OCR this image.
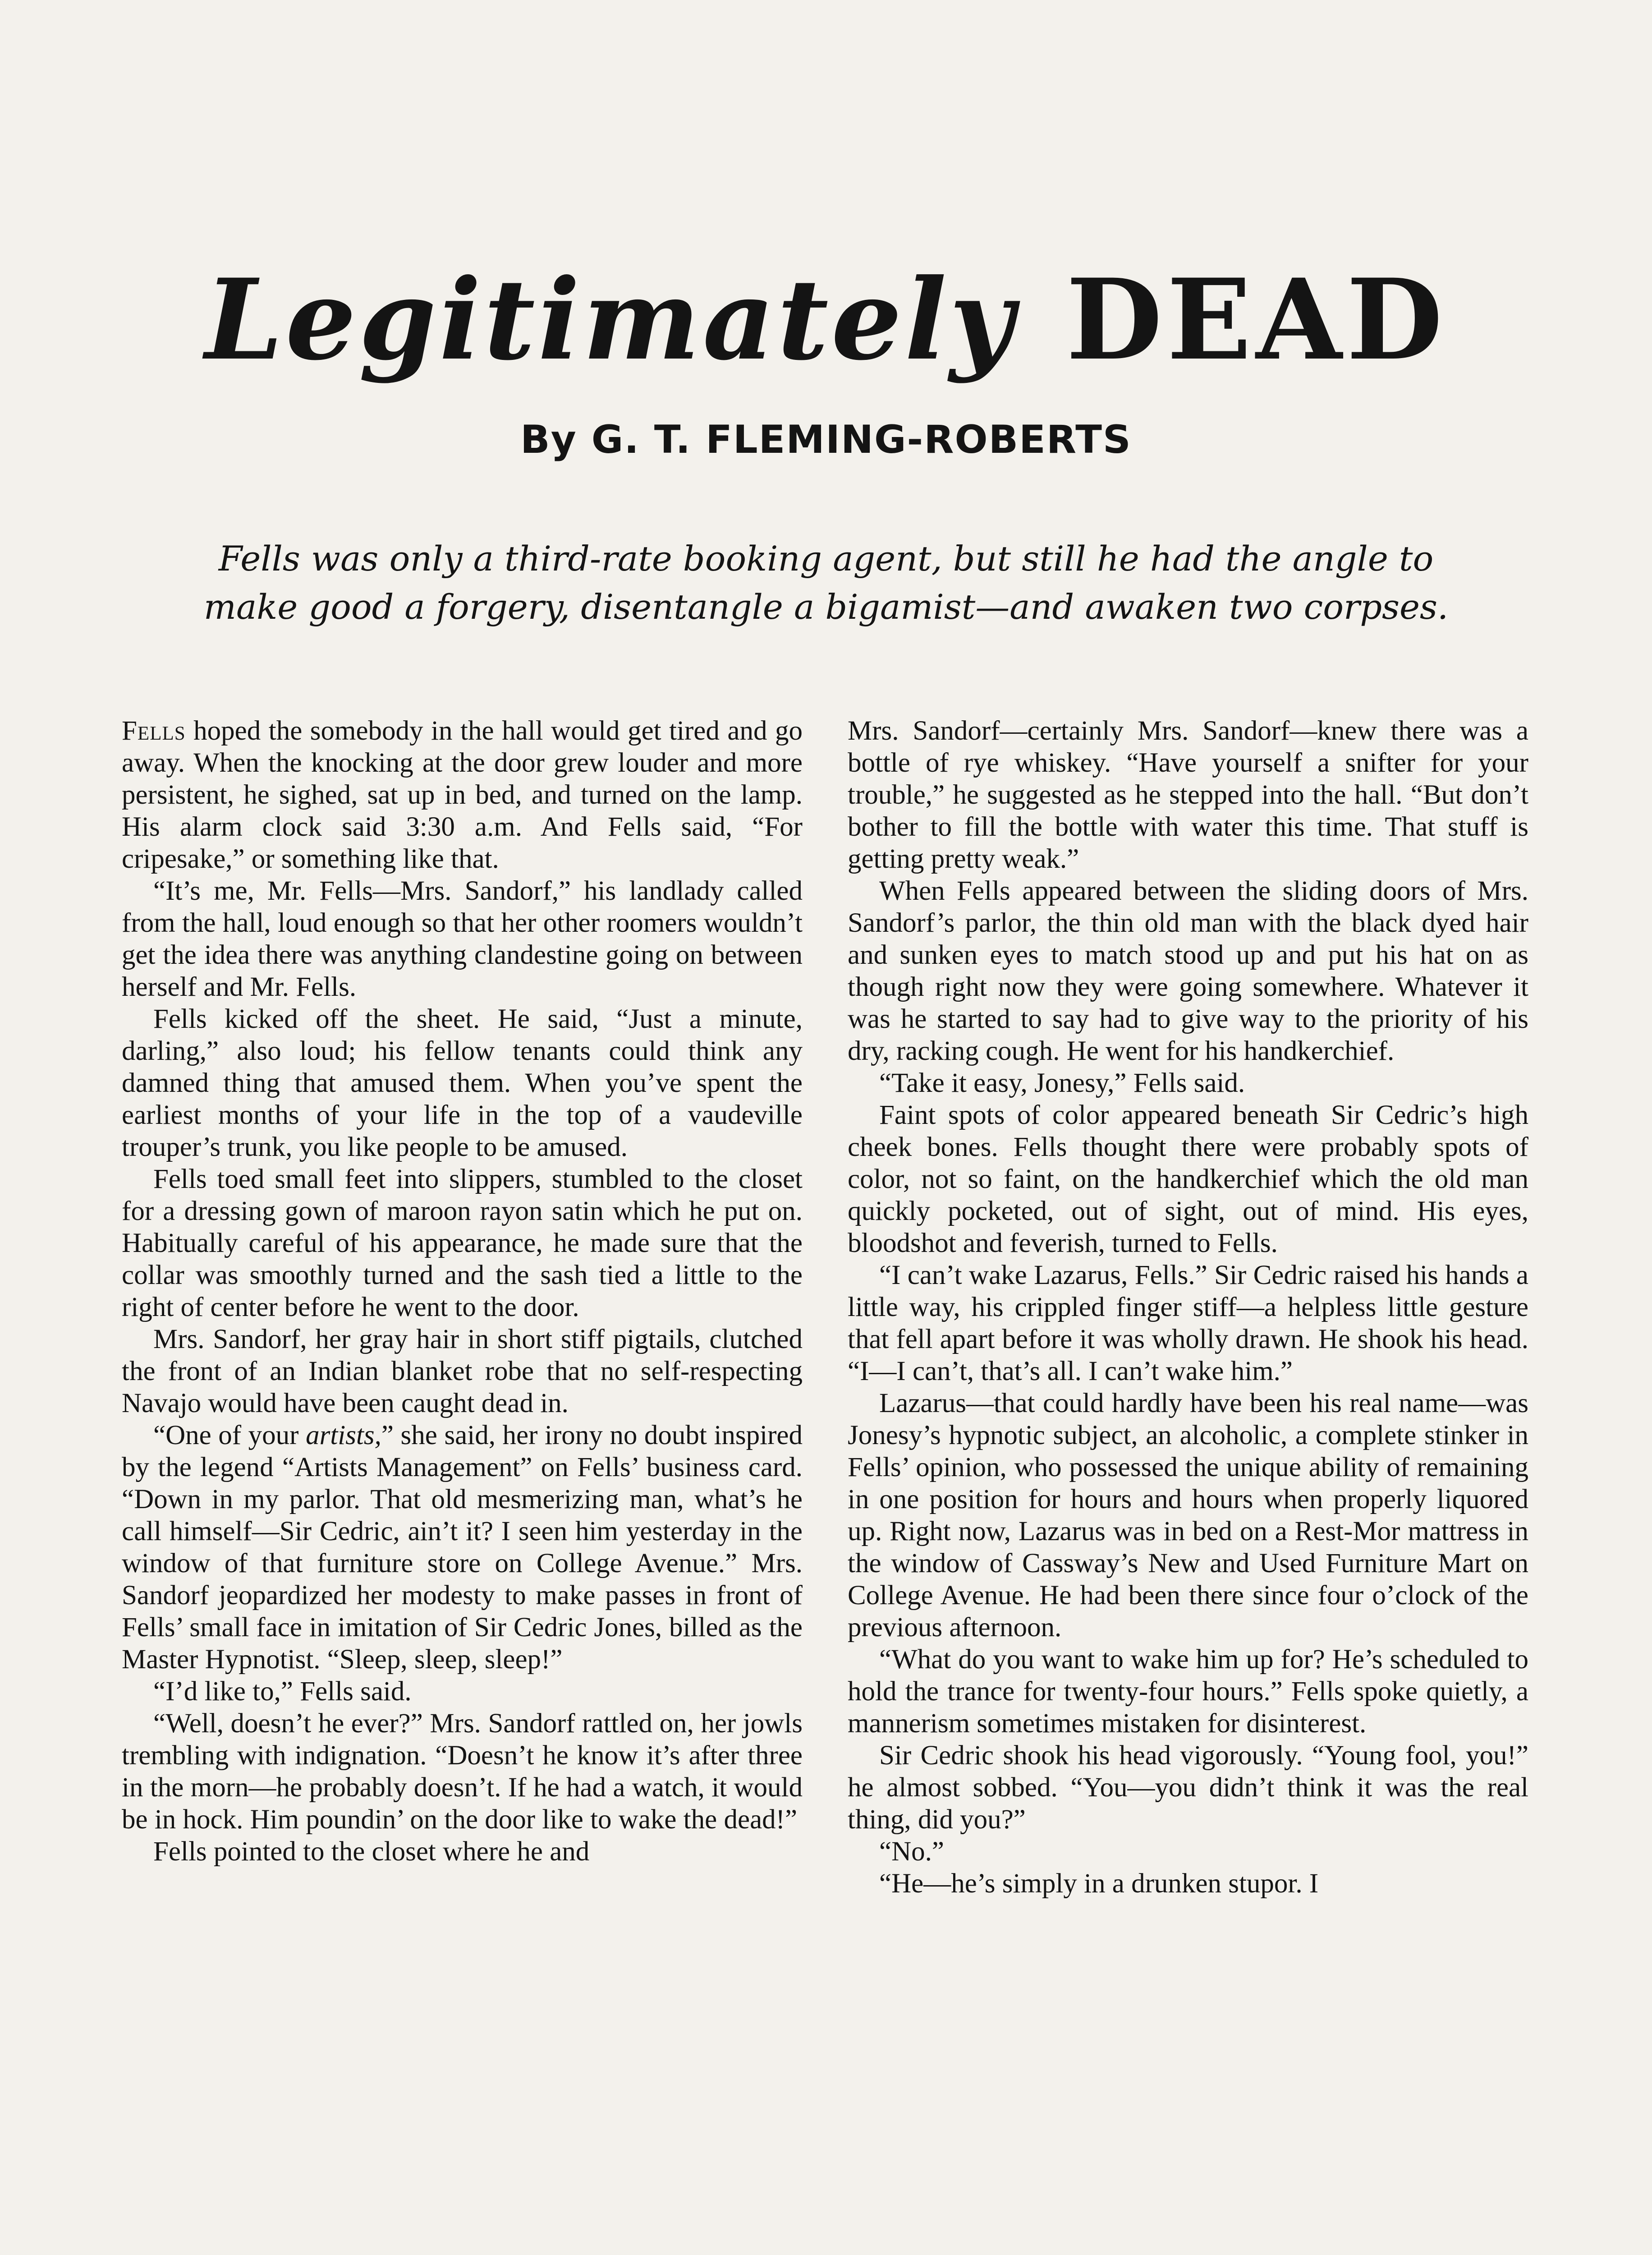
Legitimately DEAD
By G. T. FLEMING-ROBERTS
Fells was only a third-rate booking agent, but still he had the angle to make good a forgery, disentangle a bigamist—and awaken two corpses.

Fells hoped the somebody in the hall would get tired and go away. When the knocking at the door grew louder and more persistent, he sighed, sat up in bed, and turned on the lamp. His alarm clock said 3:30 a.m. And Fells said, “For cripesake,” or something like that.

“It’s me, Mr. Fells—Mrs. Sandorf,” his landlady called from the hall, loud enough so that her other roomers wouldn’t get the idea there was anything clandestine going on between herself and Mr. Fells.

Fells kicked off the sheet. He said, “Just a minute, darling,” also loud; his fellow tenants could think any damned thing that amused them. When you’ve spent the earliest months of your life in the top of a vaudeville trouper’s trunk, you like people to be amused.

Fells toed small feet into slippers, stumbled to the closet for a dressing gown of maroon rayon satin which he put on. Habitually careful of his appearance, he made sure that the collar was smoothly turned and the sash tied a little to the right of center before he went to the door.

Mrs. Sandorf, her gray hair in short stiff pigtails, clutched the front of an Indian blanket robe that no self-respecting Navajo would have been caught dead in.

“One of your artists,” she said, her irony no doubt inspired by the legend “Artists Management” on Fells’ business card. “Down in my parlor. That old mesmerizing man, what’s he call himself—Sir Cedric, ain’t it? I seen him yesterday in the window of that furniture store on College Avenue.” Mrs. Sandorf jeopardized her modesty to make passes in front of Fells’ small face in imitation of Sir Cedric Jones, billed as the Master Hypnotist. “Sleep, sleep, sleep!”

“I’d like to,” Fells said.

“Well, doesn’t he ever?” Mrs. Sandorf rattled on, her jowls trembling with indignation. “Doesn’t he know it’s after three in the morn—he probably doesn’t. If he had a watch, it would be in hock. Him poundin’ on the door like to wake the dead!”

Fells pointed to the closet where he and

Mrs. Sandorf—certainly Mrs. Sandorf—knew there was a bottle of rye whiskey. “Have yourself a snifter for your trouble,” he suggested as he stepped into the hall. “But don’t bother to fill the bottle with water this time. That stuff is getting pretty weak.”

When Fells appeared between the sliding doors of Mrs. Sandorf’s parlor, the thin old man with the black dyed hair and sunken eyes to match stood up and put his hat on as though right now they were going somewhere. Whatever it was he started to say had to give way to the priority of his dry, racking cough. He went for his handkerchief.

“Take it easy, Jonesy,” Fells said.

Faint spots of color appeared beneath Sir Cedric’s high cheek bones. Fells thought there were probably spots of color, not so faint, on the handkerchief which the old man quickly pocketed, out of sight, out of mind. His eyes, bloodshot and feverish, turned to Fells.

“I can’t wake Lazarus, Fells.” Sir Cedric raised his hands a little way, his crippled finger stiff—a helpless little gesture that fell apart before it was wholly drawn. He shook his head. “I—I can’t, that’s all. I can’t wake him.”

Lazarus—that could hardly have been his real name—was Jonesy’s hypnotic subject, an alcoholic, a complete stinker in Fells’ opinion, who possessed the unique ability of remaining in one position for hours and hours when properly liquored up. Right now, Lazarus was in bed on a Rest-Mor mattress in the window of Cassway’s New and Used Furniture Mart on College Avenue. He had been there since four o’clock of the previous afternoon.

“What do you want to wake him up for? He’s scheduled to hold the trance for twenty-four hours.” Fells spoke quietly, a mannerism sometimes mistaken for disinterest.

Sir Cedric shook his head vigorously. “Young fool, you!” he almost sobbed. “You—you didn’t think it was the real thing, did you?”

“No.”

“He—he’s simply in a drunken stupor. I
